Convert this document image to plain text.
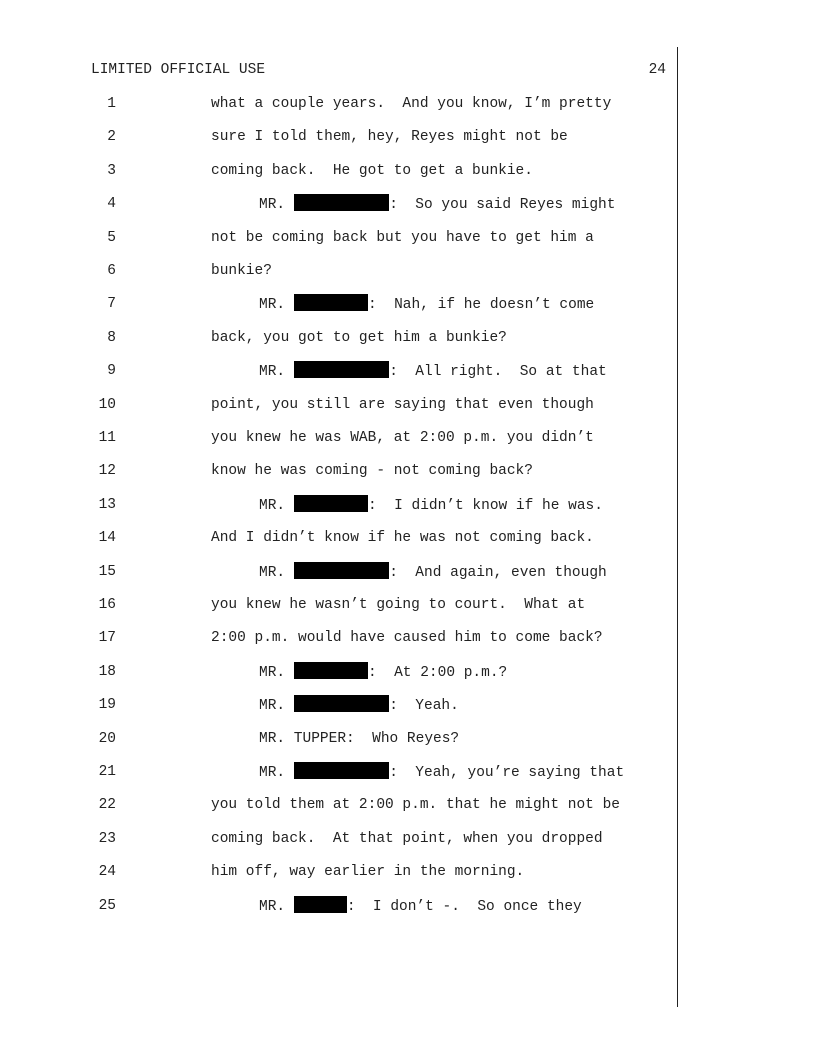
LIMITED OFFICIAL USE	24
1	what a couple years.  And you know, I’m pretty
2	sure I told them, hey, Reyes might not be
3	coming back.  He got to get a bunkie.
4	MR.	:  So you said Reyes might
5	not be coming back but you have to get him a
6	bunkie?
7	MR.	:  Nah, if he doesn’t come
8	back, you got to get him a bunkie?
9	MR.	:  All right.  So at that
10	point, you still are saying that even though
11	you knew he was WAB, at 2:00 p.m. you didn’t
12	know he was coming - not coming back?
13	MR.	:  I didn’t know if he was.
14	And I didn’t know if he was not coming back.
15	MR.	:  And again, even though
16	you knew he wasn’t going to court.  What at
17	2:00 p.m. would have caused him to come back?
18	MR.	:  At 2:00 p.m.?
19	MR.	:  Yeah.
20	MR. TUPPER:  Who Reyes?
21	MR.	:  Yeah, you’re saying that
22	you told them at 2:00 p.m. that he might not be
23	coming back.  At that point, when you dropped
24	him off, way earlier in the morning.
25	MR.	:  I don’t -.  So once they
